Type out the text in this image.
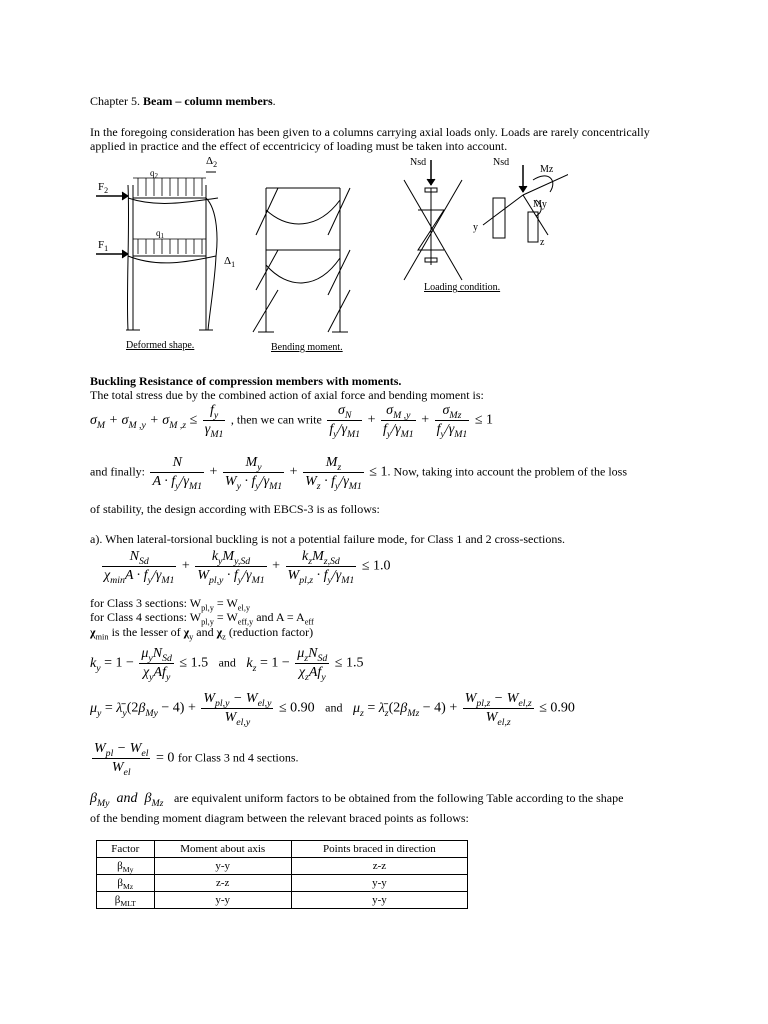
Chapter 5. Beam – column members.
In the foregoing consideration has been given to a columns carrying axial loads only. Loads are rarely concentrically
applied in practice and the effect of eccentricicy of loading must be taken into account.
$F_2$
$F_1$
$q_2$
$q_1$
$\Delta_2$
$\Delta_1$
Deformed shape.	Bending moment.
Loading condition.
Nsd	Nsd
Mz
My
y
z
Buckling Resistance of compression members with moments.
The total stress due by the combined action of axial force and bending moment is:
$\sigma_M + \sigma_{M ,y} + \sigma_{M ,z} \le \frac{f_y}{\gamma_{M1}}$ , then we can write $\frac{\sigma_N}{f_y/\gamma_{M1}} + \frac{\sigma_{M ,y}}{f_y/\gamma_{M1}} + \frac{\sigma_{Mz}}{f_y/\gamma_{M1}} \le 1$
and finally: $\frac{N}{A \cdot f_y/\gamma_{M1}} + \frac{M_y}{W_y \cdot f_y/\gamma_{M1}} + \frac{M_z}{W_z \cdot f_y/\gamma_{M1}} \le 1$. Now, taking into account the problem of the loss
of stability, the design according with EBCS-3 is as follows:
a). When lateral-torsional buckling is not a potential failure mode, for Class 1 and 2 cross-sections.
$\frac{N_{Sd}}{\chi_{min}A \cdot f_y/\gamma_{M1}} + \frac{k_yM_{y,Sd}}{W_{pl,y} \cdot f_y/\gamma_{M1}} + \frac{k_zM_{z,Sd}}{W_{pl,z} \cdot f_y/\gamma_{M1}} \le 1.0$
for Class 3 sections: $W_{pl,y} = W_{el,y}$
for Class 4 sections: $W_{pl,y} = W_{eff,y}$ and $A = A_{eff}$
$\chi_{min}$ is the lesser of $\chi_y$ and $\chi_z$ (reduction factor)
$k_y = 1 - \frac{\mu_yN_{Sd}}{\chi_yAf_y} \le 1.5$ and $k_z = 1 - \frac{\mu_zN_{Sd}}{\chi_zAf_y} \le 1.5$
$\mu_y$ = $\lambdā_y(2\beta_{My} - 4) + \frac{W_{pl,y} - W_{el,y}}{W_{el,y}} \le 0.90$ and $\mu_z$ = $\lambdā_z(2\beta_{Mz} - 4) + \frac{W_{pl,z} - W_{el,z}}{W_{el,z}} \le 0.90$
$\frac{W_{pl} - W_{el}}{W_{el}} = 0$ for Class 3 nd 4 sections.
$\beta_{My}$ and $\beta_{Mz}$ are equivalent uniform factors to be obtained from the following Table according to the shape
of the bending moment diagram between the relevant braced points as follows:
Factor	Moment about axis	Points braced in direction
$\beta_{My}$	y-y	z-z
$\beta_{Mz}$	z-z	y-y
$\beta_{MLT}$	y-y	y-y
